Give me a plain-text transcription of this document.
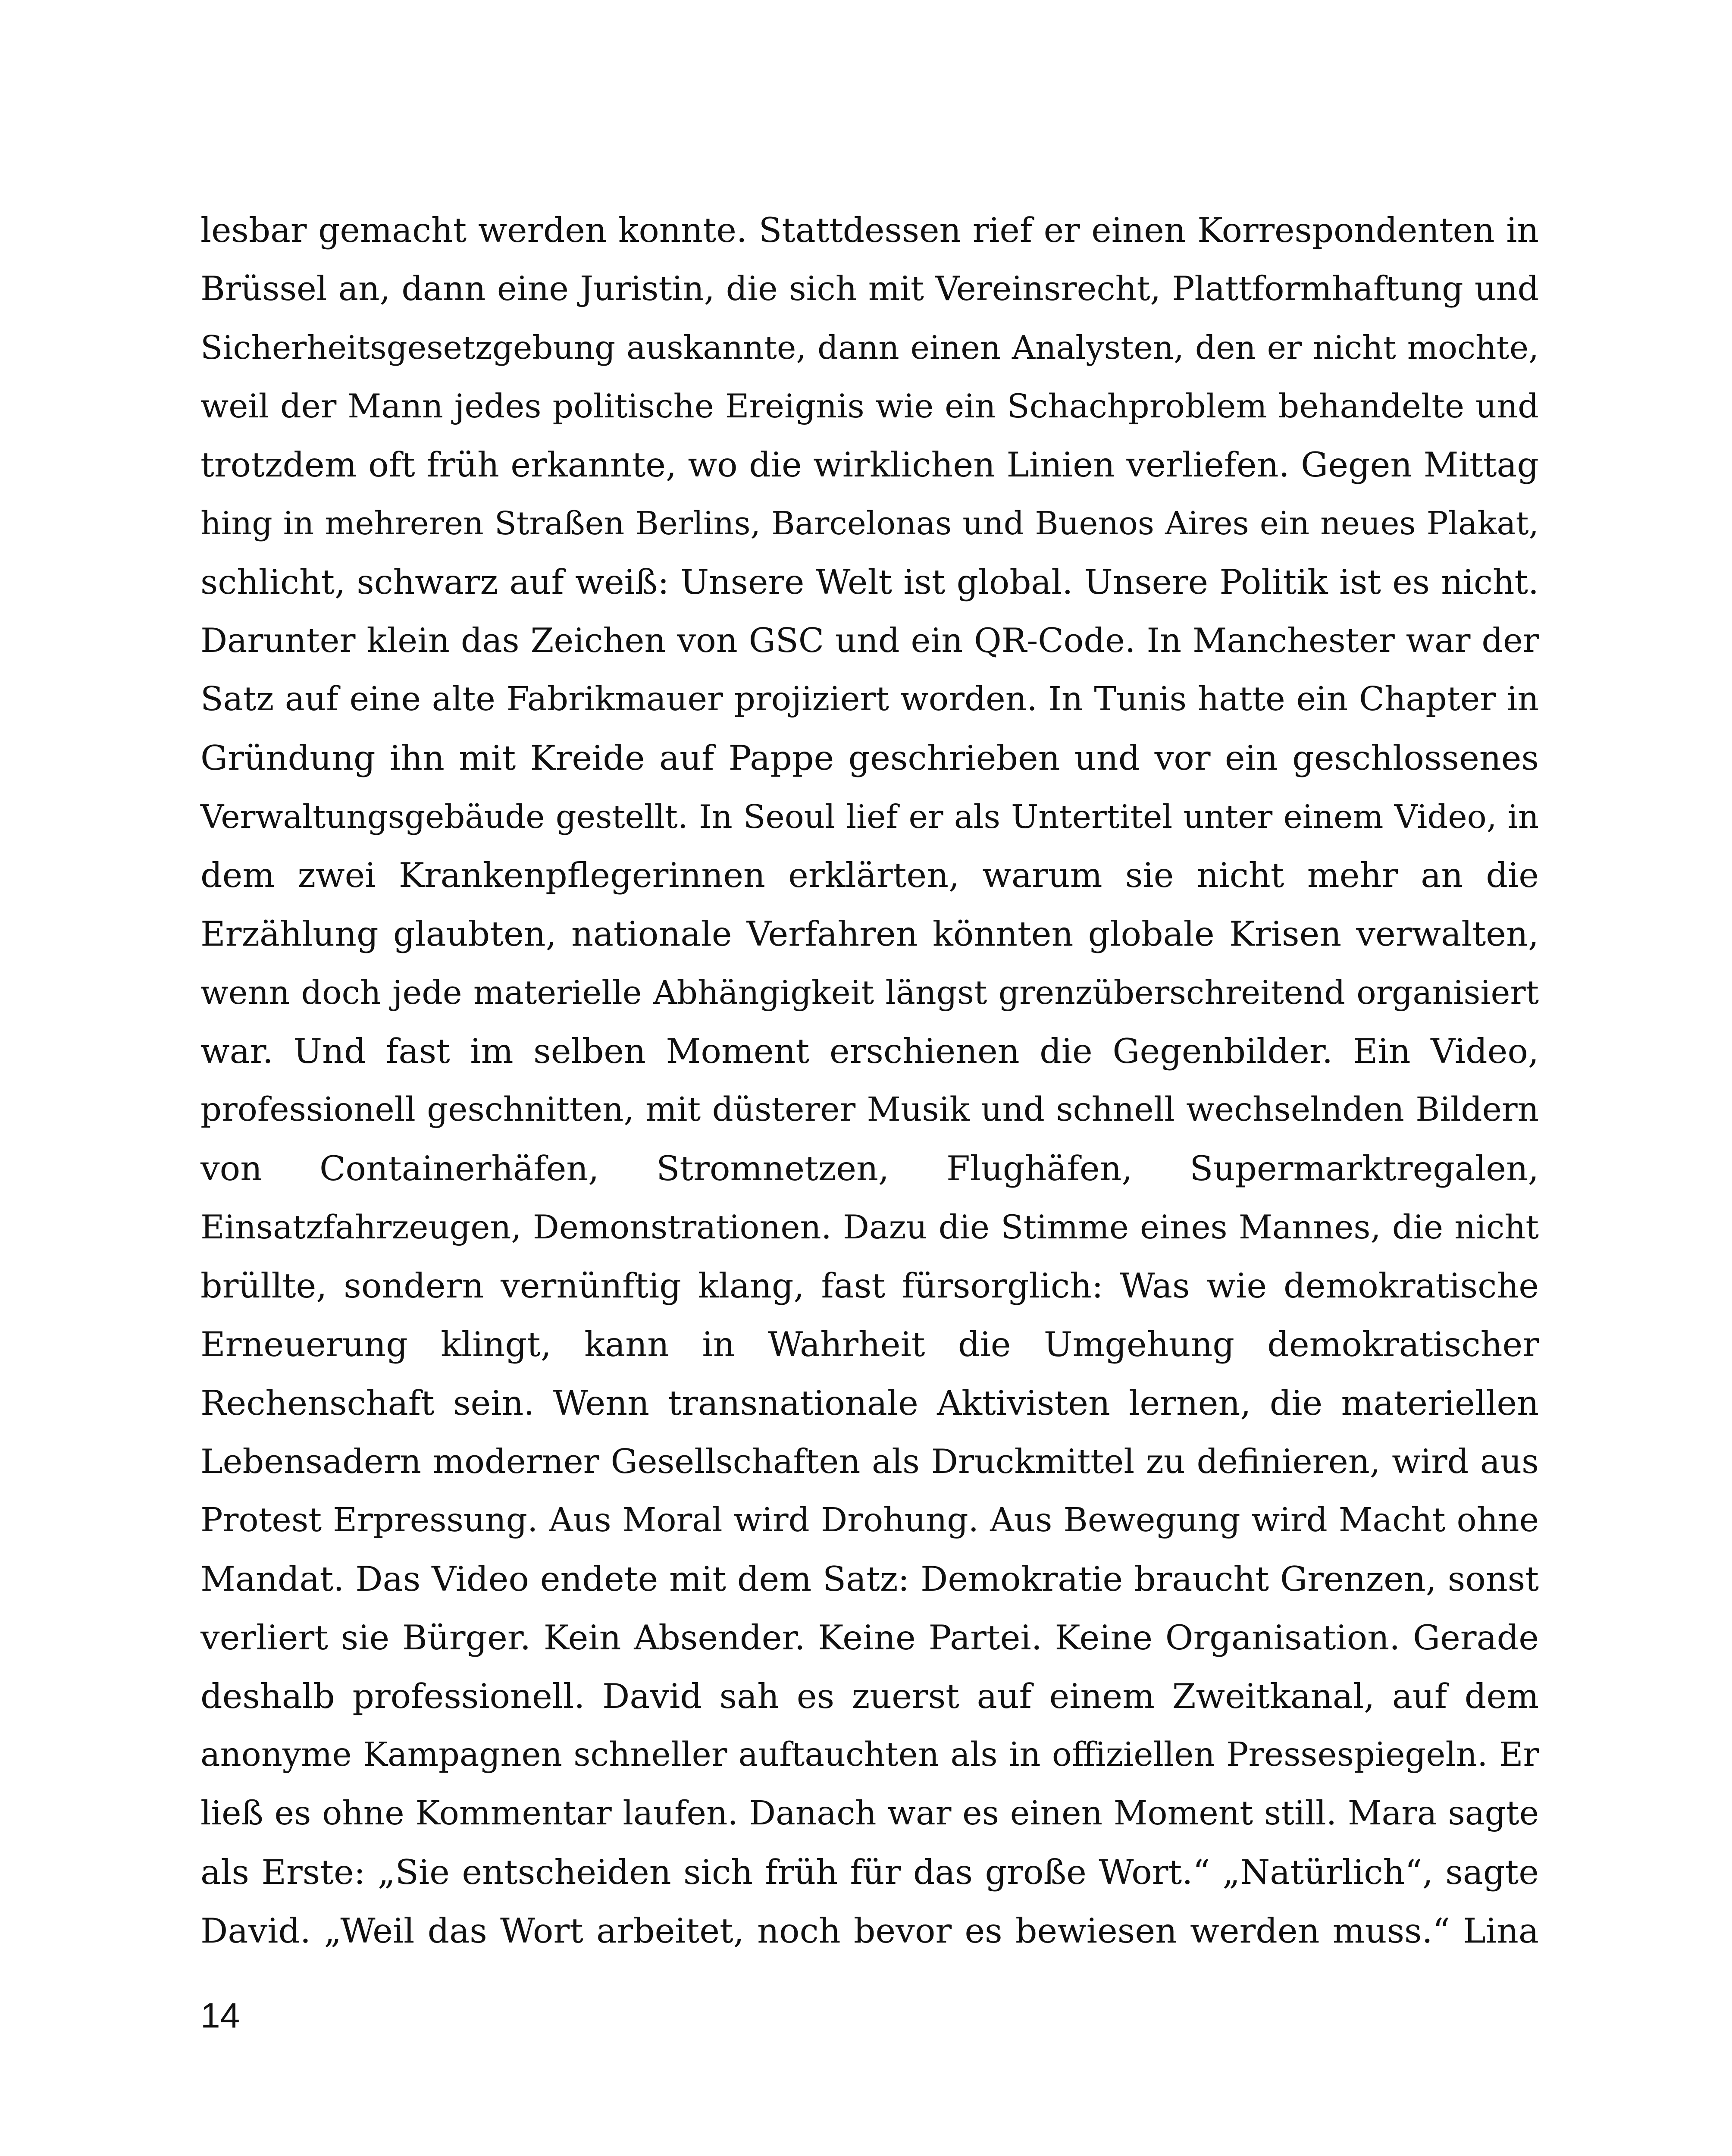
lesbar gemacht werden konnte. Stattdessen rief er einen Korrespondenten in
Brüssel an, dann eine Juristin, die sich mit Vereinsrecht, Plattformhaftung und
Sicherheitsgesetzgebung auskannte, dann einen Analysten, den er nicht mochte,
weil der Mann jedes politische Ereignis wie ein Schachproblem behandelte und
trotzdem oft früh erkannte, wo die wirklichen Linien verliefen. Gegen Mittag
hing in mehreren Straßen Berlins, Barcelonas und Buenos Aires ein neues Plakat,
schlicht, schwarz auf weiß: Unsere Welt ist global. Unsere Politik ist es nicht.
Darunter klein das Zeichen von GSC und ein QR-Code. In Manchester war der
Satz auf eine alte Fabrikmauer projiziert worden. In Tunis hatte ein Chapter in
Gründung ihn mit Kreide auf Pappe geschrieben und vor ein geschlossenes
Verwaltungsgebäude gestellt. In Seoul lief er als Untertitel unter einem Video, in
dem zwei Krankenpflegerinnen erklärten, warum sie nicht mehr an die
Erzählung glaubten, nationale Verfahren könnten globale Krisen verwalten,
wenn doch jede materielle Abhängigkeit längst grenzüberschreitend organisiert
war. Und fast im selben Moment erschienen die Gegenbilder. Ein Video,
professionell geschnitten, mit düsterer Musik und schnell wechselnden Bildern
von Containerhäfen, Stromnetzen, Flughäfen, Supermarktregalen,
Einsatzfahrzeugen, Demonstrationen. Dazu die Stimme eines Mannes, die nicht
brüllte, sondern vernünftig klang, fast fürsorglich: Was wie demokratische
Erneuerung klingt, kann in Wahrheit die Umgehung demokratischer
Rechenschaft sein. Wenn transnationale Aktivisten lernen, die materiellen
Lebensadern moderner Gesellschaften als Druckmittel zu definieren, wird aus
Protest Erpressung. Aus Moral wird Drohung. Aus Bewegung wird Macht ohne
Mandat. Das Video endete mit dem Satz: Demokratie braucht Grenzen, sonst
verliert sie Bürger. Kein Absender. Keine Partei. Keine Organisation. Gerade
deshalb professionell. David sah es zuerst auf einem Zweitkanal, auf dem
anonyme Kampagnen schneller auftauchten als in offiziellen Pressespiegeln. Er
ließ es ohne Kommentar laufen. Danach war es einen Moment still. Mara sagte
als Erste: „Sie entscheiden sich früh für das große Wort.“ „Natürlich“, sagte
David. „Weil das Wort arbeitet, noch bevor es bewiesen werden muss.“ Lina
14
